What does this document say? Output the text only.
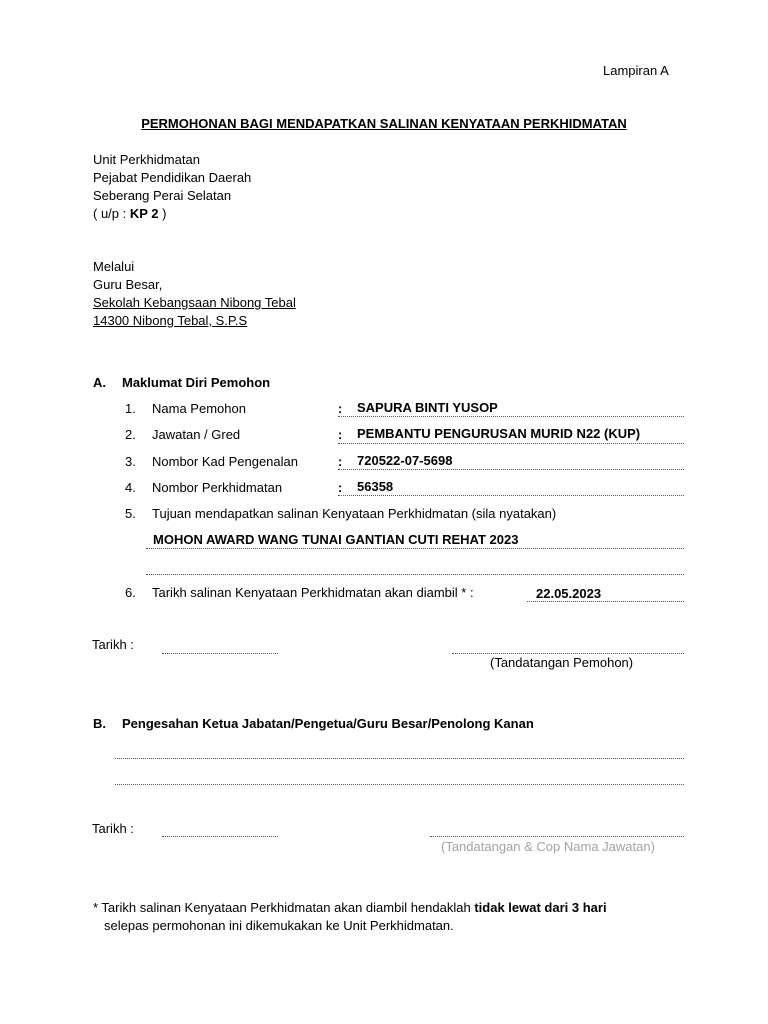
Lampiran A
PERMOHONAN BAGI MENDAPATKAN SALINAN KENYATAAN PERKHIDMATAN
Unit Perkhidmatan
Pejabat Pendidikan Daerah
Seberang Perai Selatan
( u/p : KP 2 )
Melalui
Guru Besar,
Sekolah Kebangsaan Nibong Tebal
14300 Nibong Tebal, S.P.S
A. Maklumat Diri Pemohon
1. Nama Pemohon	: SAPURA BINTI YUSOP
2. Jawatan / Gred	: PEMBANTU PENGURUSAN MURID N22 (KUP)
3. Nombor Kad Pengenalan	: 720522-07-5698
4. Nombor Perkhidmatan	: 56358
5. Tujuan mendapatkan salinan Kenyataan Perkhidmatan (sila nyatakan)
MOHON AWARD WANG TUNAI GANTIAN CUTI REHAT 2023
6. Tarikh salinan Kenyataan Perkhidmatan akan diambil * :	22.05.2023
Tarikh :
(Tandatangan Pemohon)
B. Pengesahan Ketua Jabatan/Pengetua/Guru Besar/Penolong Kanan
Tarikh :
(Tandatangan & Cop Nama Jawatan)
* Tarikh salinan Kenyataan Perkhidmatan akan diambil hendaklah tidak lewat dari 3 hari
selepas permohonan ini dikemukakan ke Unit Perkhidmatan.
